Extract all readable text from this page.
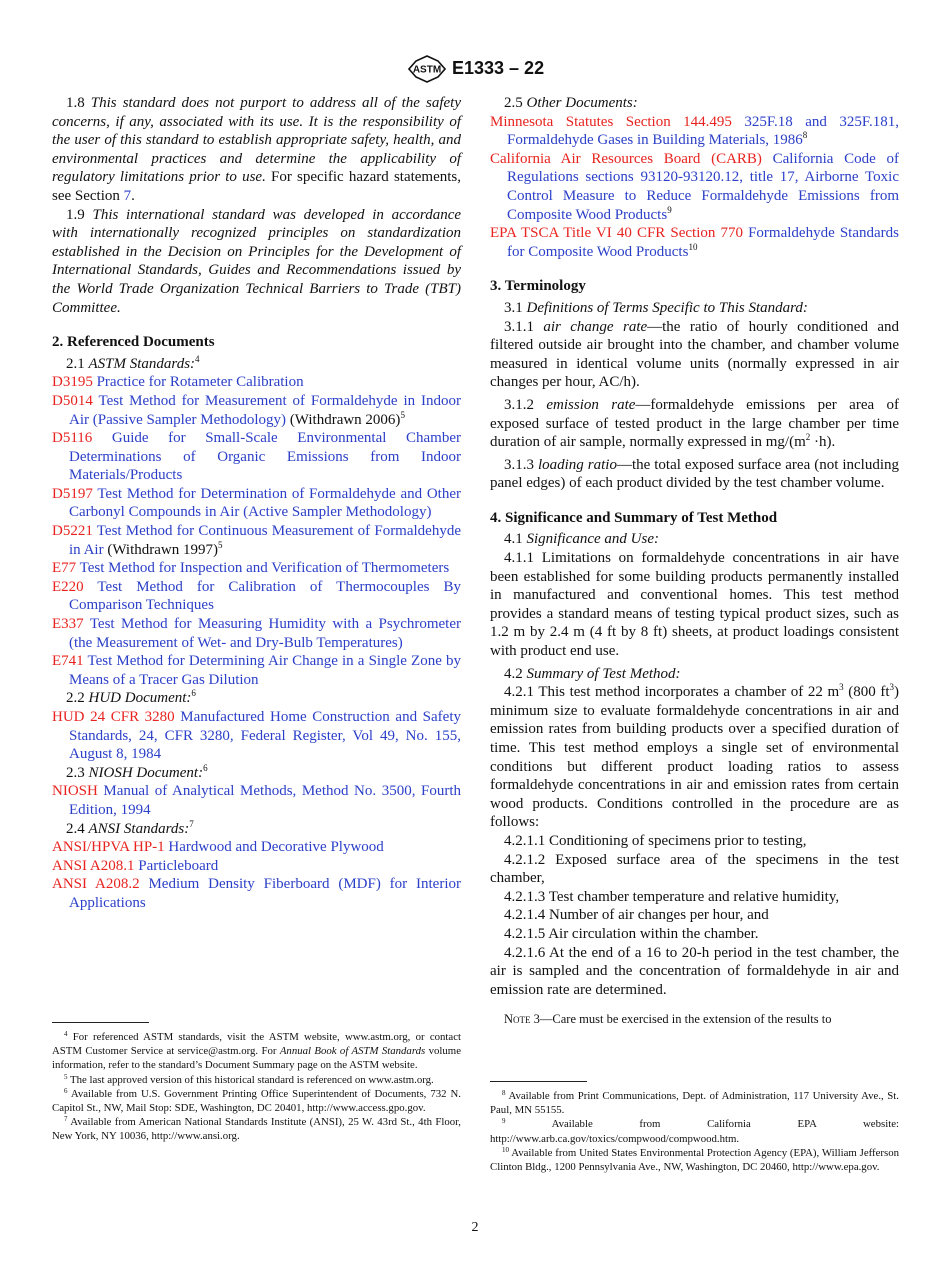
ASTM E1333 – 22

1.8 This standard does not purport to address all of the safety concerns, if any, associated with its use. It is the responsibility of the user of this standard to establish appropriate safety, health, and environmental practices and determine the applicability of regulatory limitations prior to use. For specific hazard statements, see Section 7.

1.9 This international standard was developed in accordance with internationally recognized principles on standardization established in the Decision on Principles for the Development of International Standards, Guides and Recommendations issued by the World Trade Organization Technical Barriers to Trade (TBT) Committee.

2. Referenced Documents

2.1 ASTM Standards:$^4$

D3195 Practice for Rotameter Calibration

D5014 Test Method for Measurement of Formaldehyde in Indoor Air (Passive Sampler Methodology) (Withdrawn 2006)$^5$

D5116 Guide for Small-Scale Environmental Chamber Determinations of Organic Emissions from Indoor Materials/Products

D5197 Test Method for Determination of Formaldehyde and Other Carbonyl Compounds in Air (Active Sampler Methodology)

D5221 Test Method for Continuous Measurement of Formaldehyde in Air (Withdrawn 1997)$^5$

E77 Test Method for Inspection and Verification of Thermometers

E220 Test Method for Calibration of Thermocouples By Comparison Techniques

E337 Test Method for Measuring Humidity with a Psychrometer (the Measurement of Wet- and Dry-Bulb Temperatures)

E741 Test Method for Determining Air Change in a Single Zone by Means of a Tracer Gas Dilution

2.2 HUD Document:$^6$

HUD 24 CFR 3280 Manufactured Home Construction and Safety Standards, 24, CFR 3280, Federal Register, Vol 49, No. 155, August 8, 1984

2.3 NIOSH Document:$^6$

NIOSH Manual of Analytical Methods, Method No. 3500, Fourth Edition, 1994

2.4 ANSI Standards:$^7$

ANSI/HPVA HP-1 Hardwood and Decorative Plywood

ANSI A208.1 Particleboard

ANSI A208.2 Medium Density Fiberboard (MDF) for Interior Applications

2.5 Other Documents:

Minnesota Statutes Section 144.495 325F.18 and 325F.181, Formaldehyde Gases in Building Materials, 1986$^8$

California Air Resources Board (CARB) California Code of Regulations sections 93120-93120.12, title 17, Airborne Toxic Control Measure to Reduce Formaldehyde Emissions from Composite Wood Products$^9$

EPA TSCA Title VI 40 CFR Section 770 Formaldehyde Standards for Composite Wood Products$^{10}$

3. Terminology

3.1 Definitions of Terms Specific to This Standard:

3.1.1 air change rate—the ratio of hourly conditioned and filtered outside air brought into the chamber, and chamber volume measured in identical volume units (normally expressed in air changes per hour, AC/h).

3.1.2 emission rate—formaldehyde emissions per area of exposed surface of tested product in the large chamber per time duration of air sample, normally expressed in $mg/(m^2 \cdot h)$.

3.1.3 loading ratio—the total exposed surface area (not including panel edges) of each product divided by the test chamber volume.

4. Significance and Summary of Test Method

4.1 Significance and Use:

4.1.1 Limitations on formaldehyde concentrations in air have been established for some building products permanently installed in manufactured and conventional homes. This test method provides a standard means of testing typical product sizes, such as 1.2 m by 2.4 m (4 ft by 8 ft) sheets, at product loadings consistent with product end use.

4.2 Summary of Test Method:

4.2.1 This test method incorporates a chamber of 22 $m^3$ (800 $ft^3$) minimum size to evaluate formaldehyde concentrations in air and emission rates from building products over a specified duration of time. This test method employs a single set of environmental conditions but different product loading ratios to assess formaldehyde concentrations in air and emission rates from certain wood products. Conditions controlled in the procedure are as follows:

4.2.1.1 Conditioning of specimens prior to testing,

4.2.1.2 Exposed surface area of the specimens in the test chamber,

4.2.1.3 Test chamber temperature and relative humidity,

4.2.1.4 Number of air changes per hour, and

4.2.1.5 Air circulation within the chamber.

4.2.1.6 At the end of a 16 to 20-h period in the test chamber, the air is sampled and the concentration of formaldehyde in air and emission rate are determined.

Note 3—Care must be exercised in the extension of the results to

$^4$ For referenced ASTM standards, visit the ASTM website, www.astm.org, or contact ASTM Customer Service at service@astm.org. For Annual Book of ASTM Standards volume information, refer to the standard’s Document Summary page on the ASTM website.

$^5$ The last approved version of this historical standard is referenced on www.astm.org.

$^6$ Available from U.S. Government Printing Office Superintendent of Documents, 732 N. Capitol St., NW, Mail Stop: SDE, Washington, DC 20401, http://www.access.gpo.gov.

$^7$ Available from American National Standards Institute (ANSI), 25 W. 43rd St., 4th Floor, New York, NY 10036, http://www.ansi.org.

$^8$ Available from Print Communications, Dept. of Administration, 117 University Ave., St. Paul, MN 55155.

$^9$	Available from California EPA website: http://www.arb.ca.gov/toxics/compwood/compwood.htm.

$^{10}$ Available from United States Environmental Protection Agency (EPA), William Jefferson Clinton Bldg., 1200 Pennsylvania Ave., NW, Washington, DC 20460, http://www.epa.gov.

2
